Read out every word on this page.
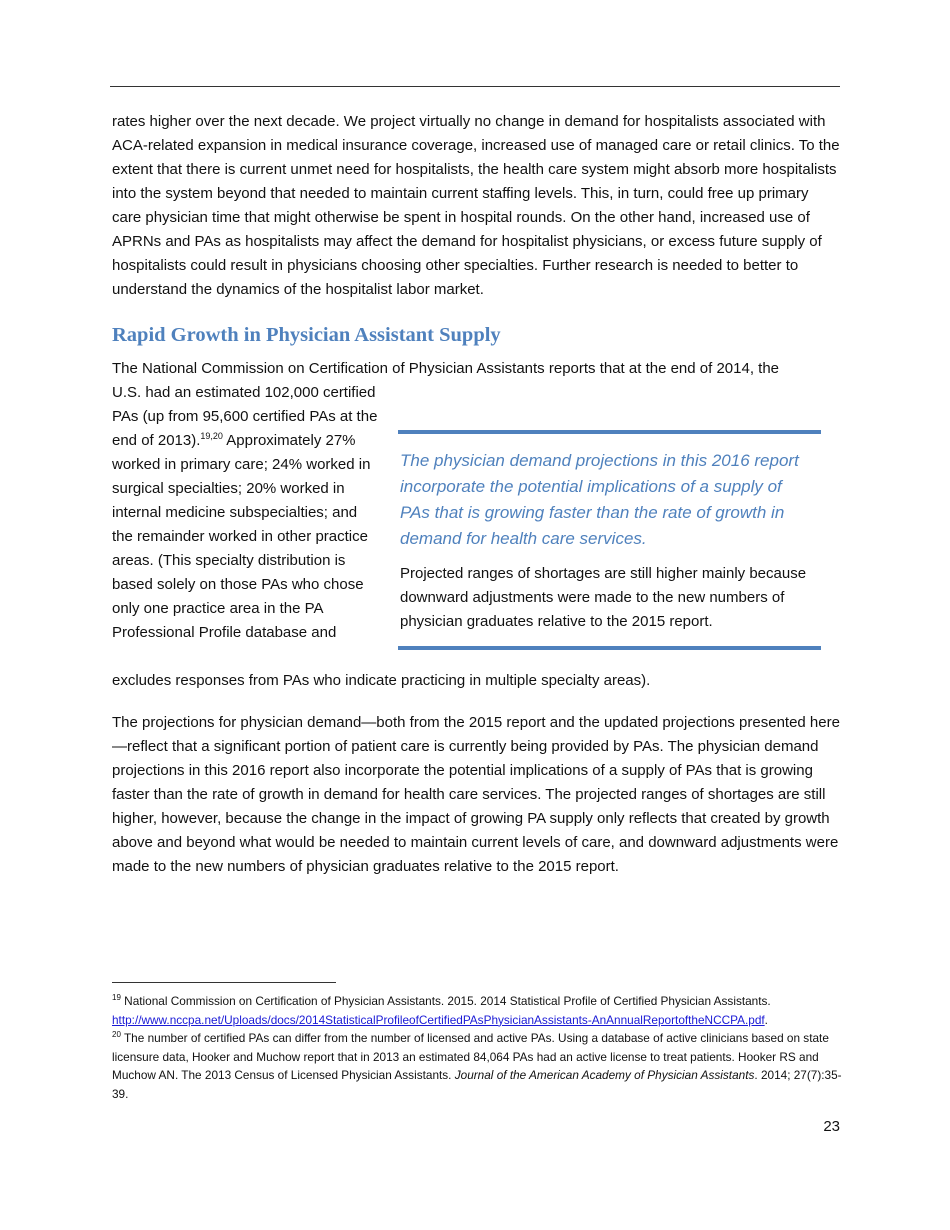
rates higher over the next decade. We project virtually no change in demand for hospitalists associated with ACA-related expansion in medical insurance coverage, increased use of managed care or retail clinics. To the extent that there is current unmet need for hospitalists, the health care system might absorb more hospitalists into the system beyond that needed to maintain current staffing levels. This, in turn, could free up primary care physician time that might otherwise be spent in hospital rounds. On the other hand, increased use of APRNs and PAs as hospitalists may affect the demand for hospitalist physicians, or excess future supply of hospitalists could result in physicians choosing other specialties. Further research is needed to better to understand the dynamics of the hospitalist labor market.

Rapid Growth in Physician Assistant Supply

The National Commission on Certification of Physician Assistants reports that at the end of 2014, the

U.S. had an estimated 102,000 certified PAs (up from 95,600 certified PAs at the end of 2013).$^{19,20}$ Approximately 27% worked in primary care; 24% worked in surgical specialties; 20% worked in internal medicine subspecialties; and the remainder worked in other practice areas. (This specialty distribution is based solely on those PAs who chose only one practice area in the PA Professional Profile database and

excludes responses from PAs who indicate practicing in multiple specialty areas).

The physician demand projections in this 2016 report incorporate the potential implications of a supply of PAs that is growing faster than the rate of growth in demand for health care services.

Projected ranges of shortages are still higher mainly because downward adjustments were made to the new numbers of physician graduates relative to the 2015 report.

The projections for physician demand—both from the 2015 report and the updated projections presented here—reflect that a significant portion of patient care is currently being provided by PAs. The physician demand projections in this 2016 report also incorporate the potential implications of a supply of PAs that is growing faster than the rate of growth in demand for health care services. The projected ranges of shortages are still higher, however, because the change in the impact of growing PA supply only reflects that created by growth above and beyond what would be needed to maintain current levels of care, and downward adjustments were made to the new numbers of physician graduates relative to the 2015 report.

$^{19}$ National Commission on Certification of Physician Assistants. 2015. 2014 Statistical Profile of Certified Physician Assistants.
http://www.nccpa.net/Uploads/docs/2014StatisticalProfileofCertifiedPAsPhysicianAssistants-AnAnnualReportoftheNCCPA.pdf.

$^{20}$ The number of certified PAs can differ from the number of licensed and active PAs. Using a database of active clinicians based on state licensure data, Hooker and Muchow report that in 2013 an estimated 84,064 PAs had an active license to treat patients. Hooker RS and Muchow AN. The 2013 Census of Licensed Physician Assistants. Journal of the American Academy of Physician Assistants. 2014; 27(7):35-39.

23
